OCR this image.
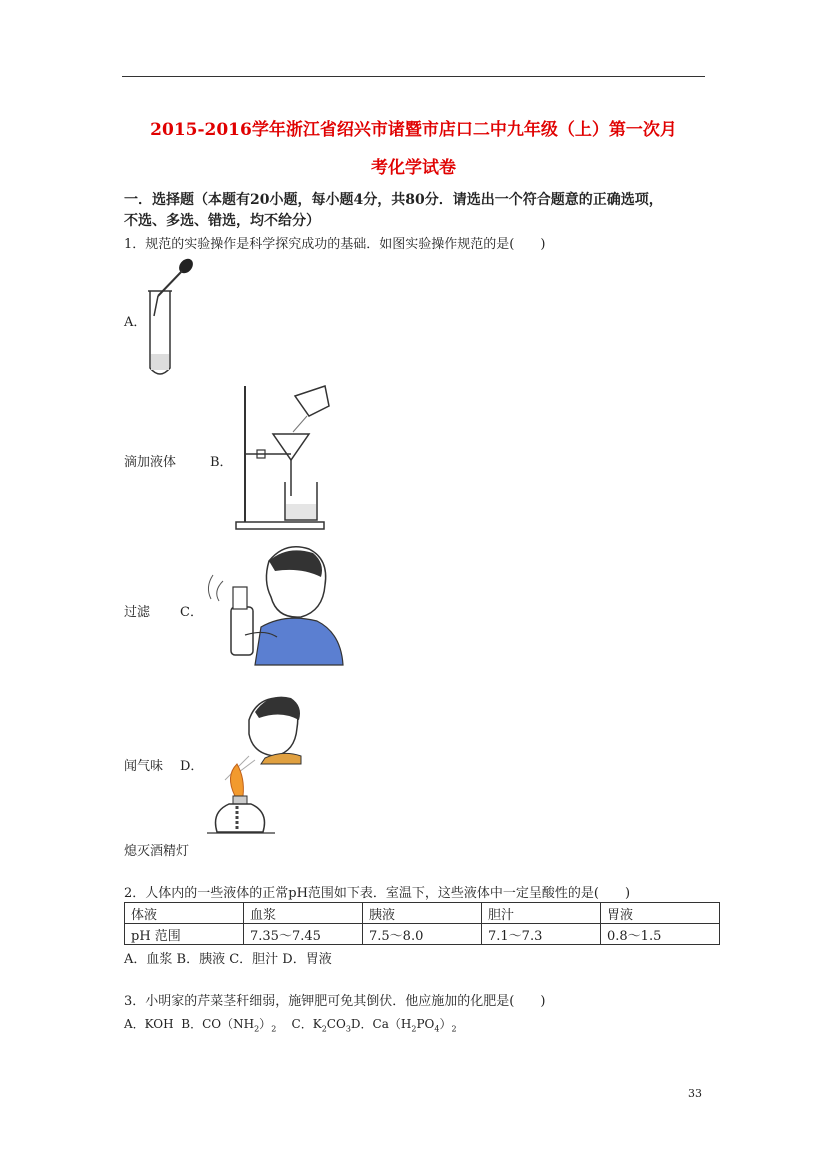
2015-2016学年浙江省绍兴市诸暨市店口二中九年级（上）第一次月
考化学试卷
一．选择题（本题有20小题，每小题4分，共80分．请选出一个符合题意的正确选项，
不选、多选、错选，均不给分）
1．规范的实验操作是科学探究成功的基础．如图实验操作规范的是(　　)
A．
滴加液体	B．
过滤 C．
闻气味 D．
熄灭酒精灯
2．人体内的一些液体的正常pH范围如下表．室温下，这些液体中一定呈酸性的是(　　)
体液	血浆	胰液	胆汁	胃液
pH 范围	7.35～7.45	7.5～8.0	7.1～7.3	0.8～1.5
A．血浆 B．胰液 C．胆汁 D．胃液
3．小明家的芹菜茎秆细弱，施钾肥可免其倒伏．他应施加的化肥是(　　)
A．KOH B．$CO(NH_2)_2$ C．$K_2CO_3D$．$Ca(H_2PO_4)_2$
33
